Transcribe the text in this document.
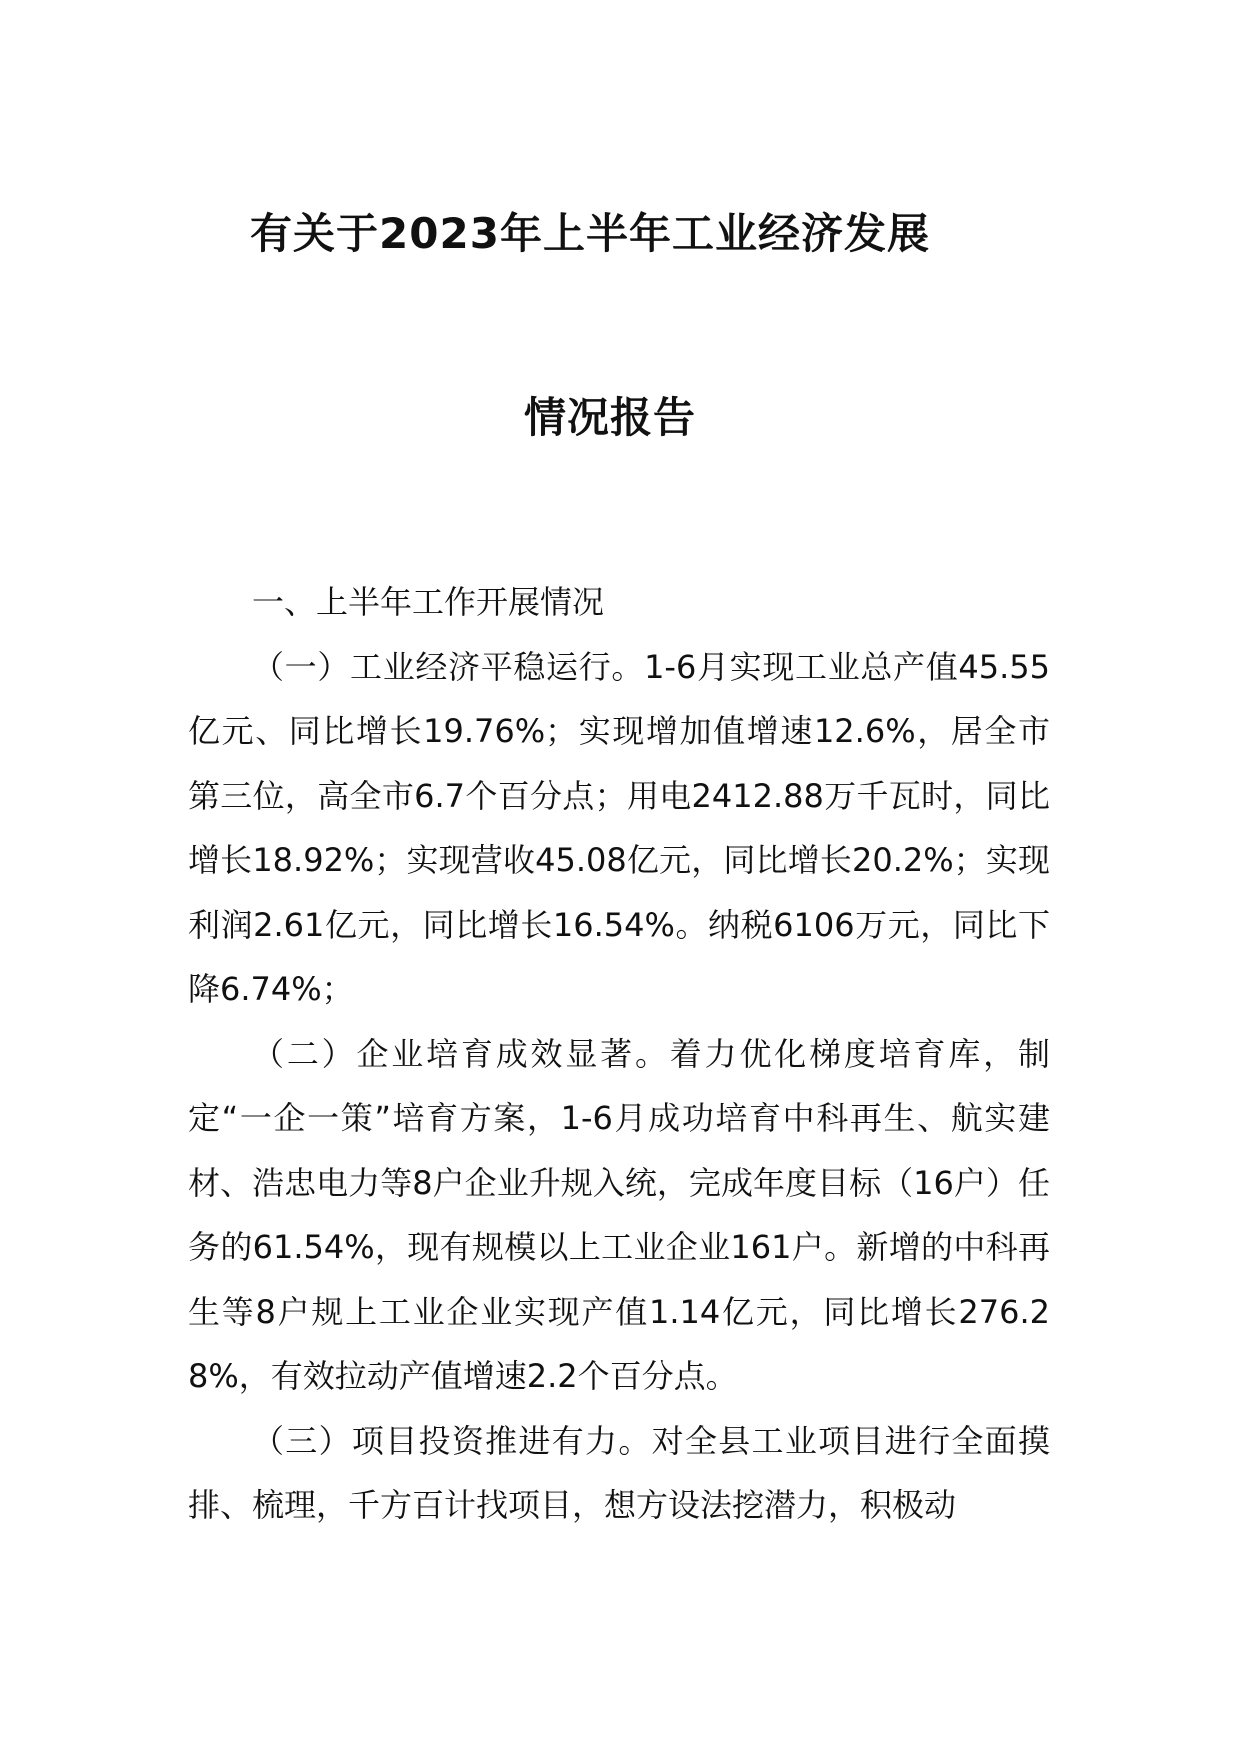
有关于2023年上半年工业经济发展
情况报告

一、上半年工作开展情况

（一）工业经济平稳运行。1-6月实现工业总产值45.55亿元、同比增长19.76%；实现增加值增速12.6%，居全市第三位，高全市6.7个百分点；用电2412.88万千瓦时，同比增长18.92%；实现营收45.08亿元，同比增长20.2%；实现利润2.61亿元，同比增长16.54%。纳税6106万元，同比下降6.74%；

（二）企业培育成效显著。着力优化梯度培育库，制定“一企一策”培育方案，1-6月成功培育中科再生、航实建材、浩忠电力等8户企业升规入统，完成年度目标（16户）任务的61.54%，现有规模以上工业企业161户。新增的中科再生等8户规上工业企业实现产值1.14亿元，同比增长276.28%，有效拉动产值增速2.2个百分点。

（三）项目投资推进有力。对全县工业项目进行全面摸排、梳理，千方百计找项目，想方设法挖潜力，积极动
